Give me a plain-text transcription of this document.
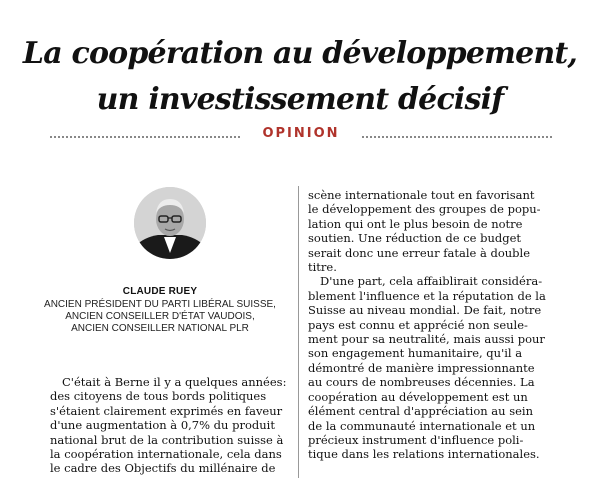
La coopération au développement,
un investissement décisif
OPINION
CLAUDE RUEY
ANCIEN PRÉSIDENT DU PARTI LIBÉRAL SUISSE,
ANCIEN CONSEILLER D'ÉTAT VAUDOIS,
ANCIEN CONSEILLER NATIONAL PLR
C'était à Berne il y a quelques années:
des citoyens de tous bords politiques
s'étaient clairement exprimés en faveur
d'une augmentation à 0,7% du produit
national brut de la contribution suisse à
la coopération internationale, cela dans
le cadre des Objectifs du millénaire de
scène internationale tout en favorisant
le développement des groupes de popu-
lation qui ont le plus besoin de notre
soutien. Une réduction de ce budget
serait donc une erreur fatale à double
titre.
D'une part, cela affaiblirait considéra-
blement l'influence et la réputation de la
Suisse au niveau mondial. De fait, notre
pays est connu et apprécié non seule-
ment pour sa neutralité, mais aussi pour
son engagement humanitaire, qu'il a
démontré de manière impressionnante
au cours de nombreuses décennies. La
coopération au développement est un
élément central d'appréciation au sein
de la communauté internationale et un
précieux instrument d'influence poli-
tique dans les relations internationales.
